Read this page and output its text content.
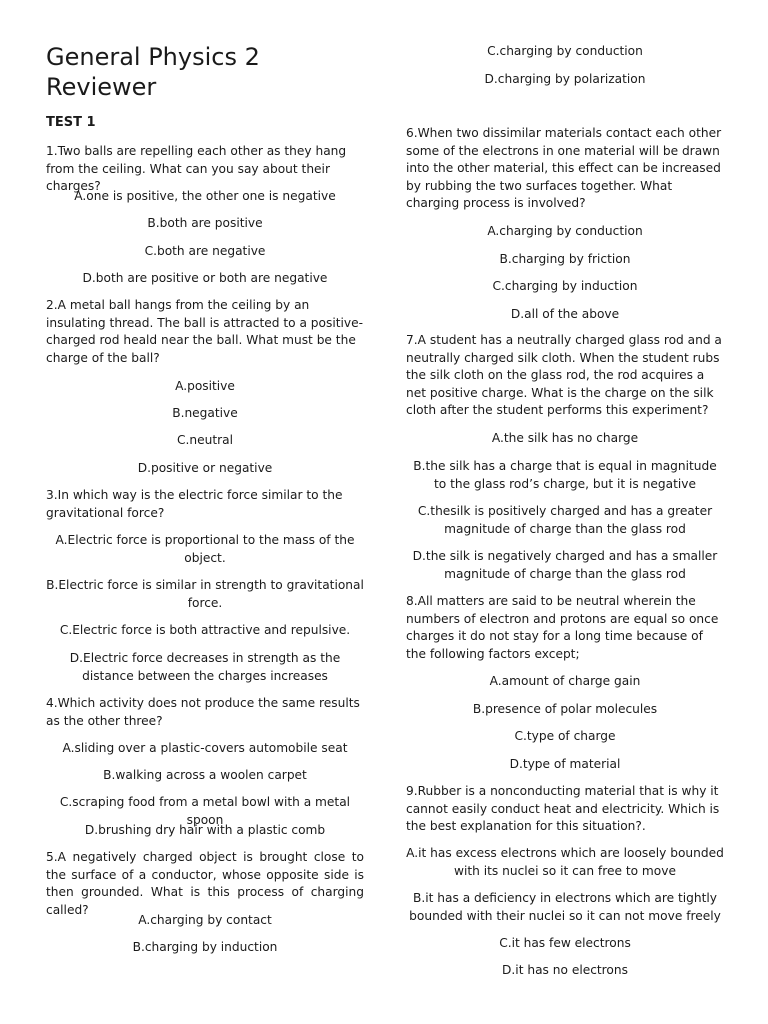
General Physics 2
Reviewer
TEST 1
1.Two balls are repelling each other as they hang from the ceiling. What can you say about their charges?
A.one is positive, the other one is negative
B.both are positive
C.both are negative
D.both are positive or both are negative
2.A metal ball hangs from the ceiling by an insulating thread. The ball is attracted to a positive-charged rod heald near the ball. What must be the charge of the ball?
A.positive
B.negative
C.neutral
D.positive or negative
3.In which way is the electric force similar to the gravitational force?
A.Electric force is proportional to the mass of the object.
B.Electric force is similar in strength to gravitational force.
C.Electric force is both attractive and repulsive.
D.Electric force decreases in strength as the distance between the charges increases
4.Which activity does not produce the same results as the other three?
A.sliding over a plastic-covers automobile seat
B.walking across a woolen carpet
C.scraping food from a metal bowl with a metal spoon
D.brushing dry hair with a plastic comb
5.A negatively charged object is brought close to the surface of a conductor, whose opposite side is then grounded. What is this process of charging called?
A.charging by contact
B.charging by induction
C.charging by conduction
D.charging by polarization
6.When two dissimilar materials contact each other some of the electrons in one material will be drawn into the other material, this effect can be increased by rubbing the two surfaces together. What charging process is involved?
A.charging by conduction
B.charging by friction
C.charging by induction
D.all of the above
7.A student has a neutrally charged glass rod and a neutrally charged silk cloth. When the student rubs the silk cloth on the glass rod, the rod acquires a net positive charge. What is the charge on the silk cloth after the student performs this experiment?
A.the silk has no charge
B.the silk has a charge that is equal in magnitude to the glass rod’s charge, but it is negative
C.thesilk is positively charged and has a greater magnitude of charge than the glass rod
D.the silk is negatively charged and has a smaller magnitude of charge than the glass rod
8.All matters are said to be neutral wherein the numbers of electron and protons are equal so once charges it do not stay for a long time because of the following factors except;
A.amount of charge gain
B.presence of polar molecules
C.type of charge
D.type of material
9.Rubber is a nonconducting material that is why it cannot easily conduct heat and electricity. Which is the best explanation for this situation?.
A.it has excess electrons which are loosely bounded with its nuclei so it can free to move
B.it has a deficiency in electrons which are tightly bounded with their nuclei so it can not move freely
C.it has few electrons
D.it has no electrons
